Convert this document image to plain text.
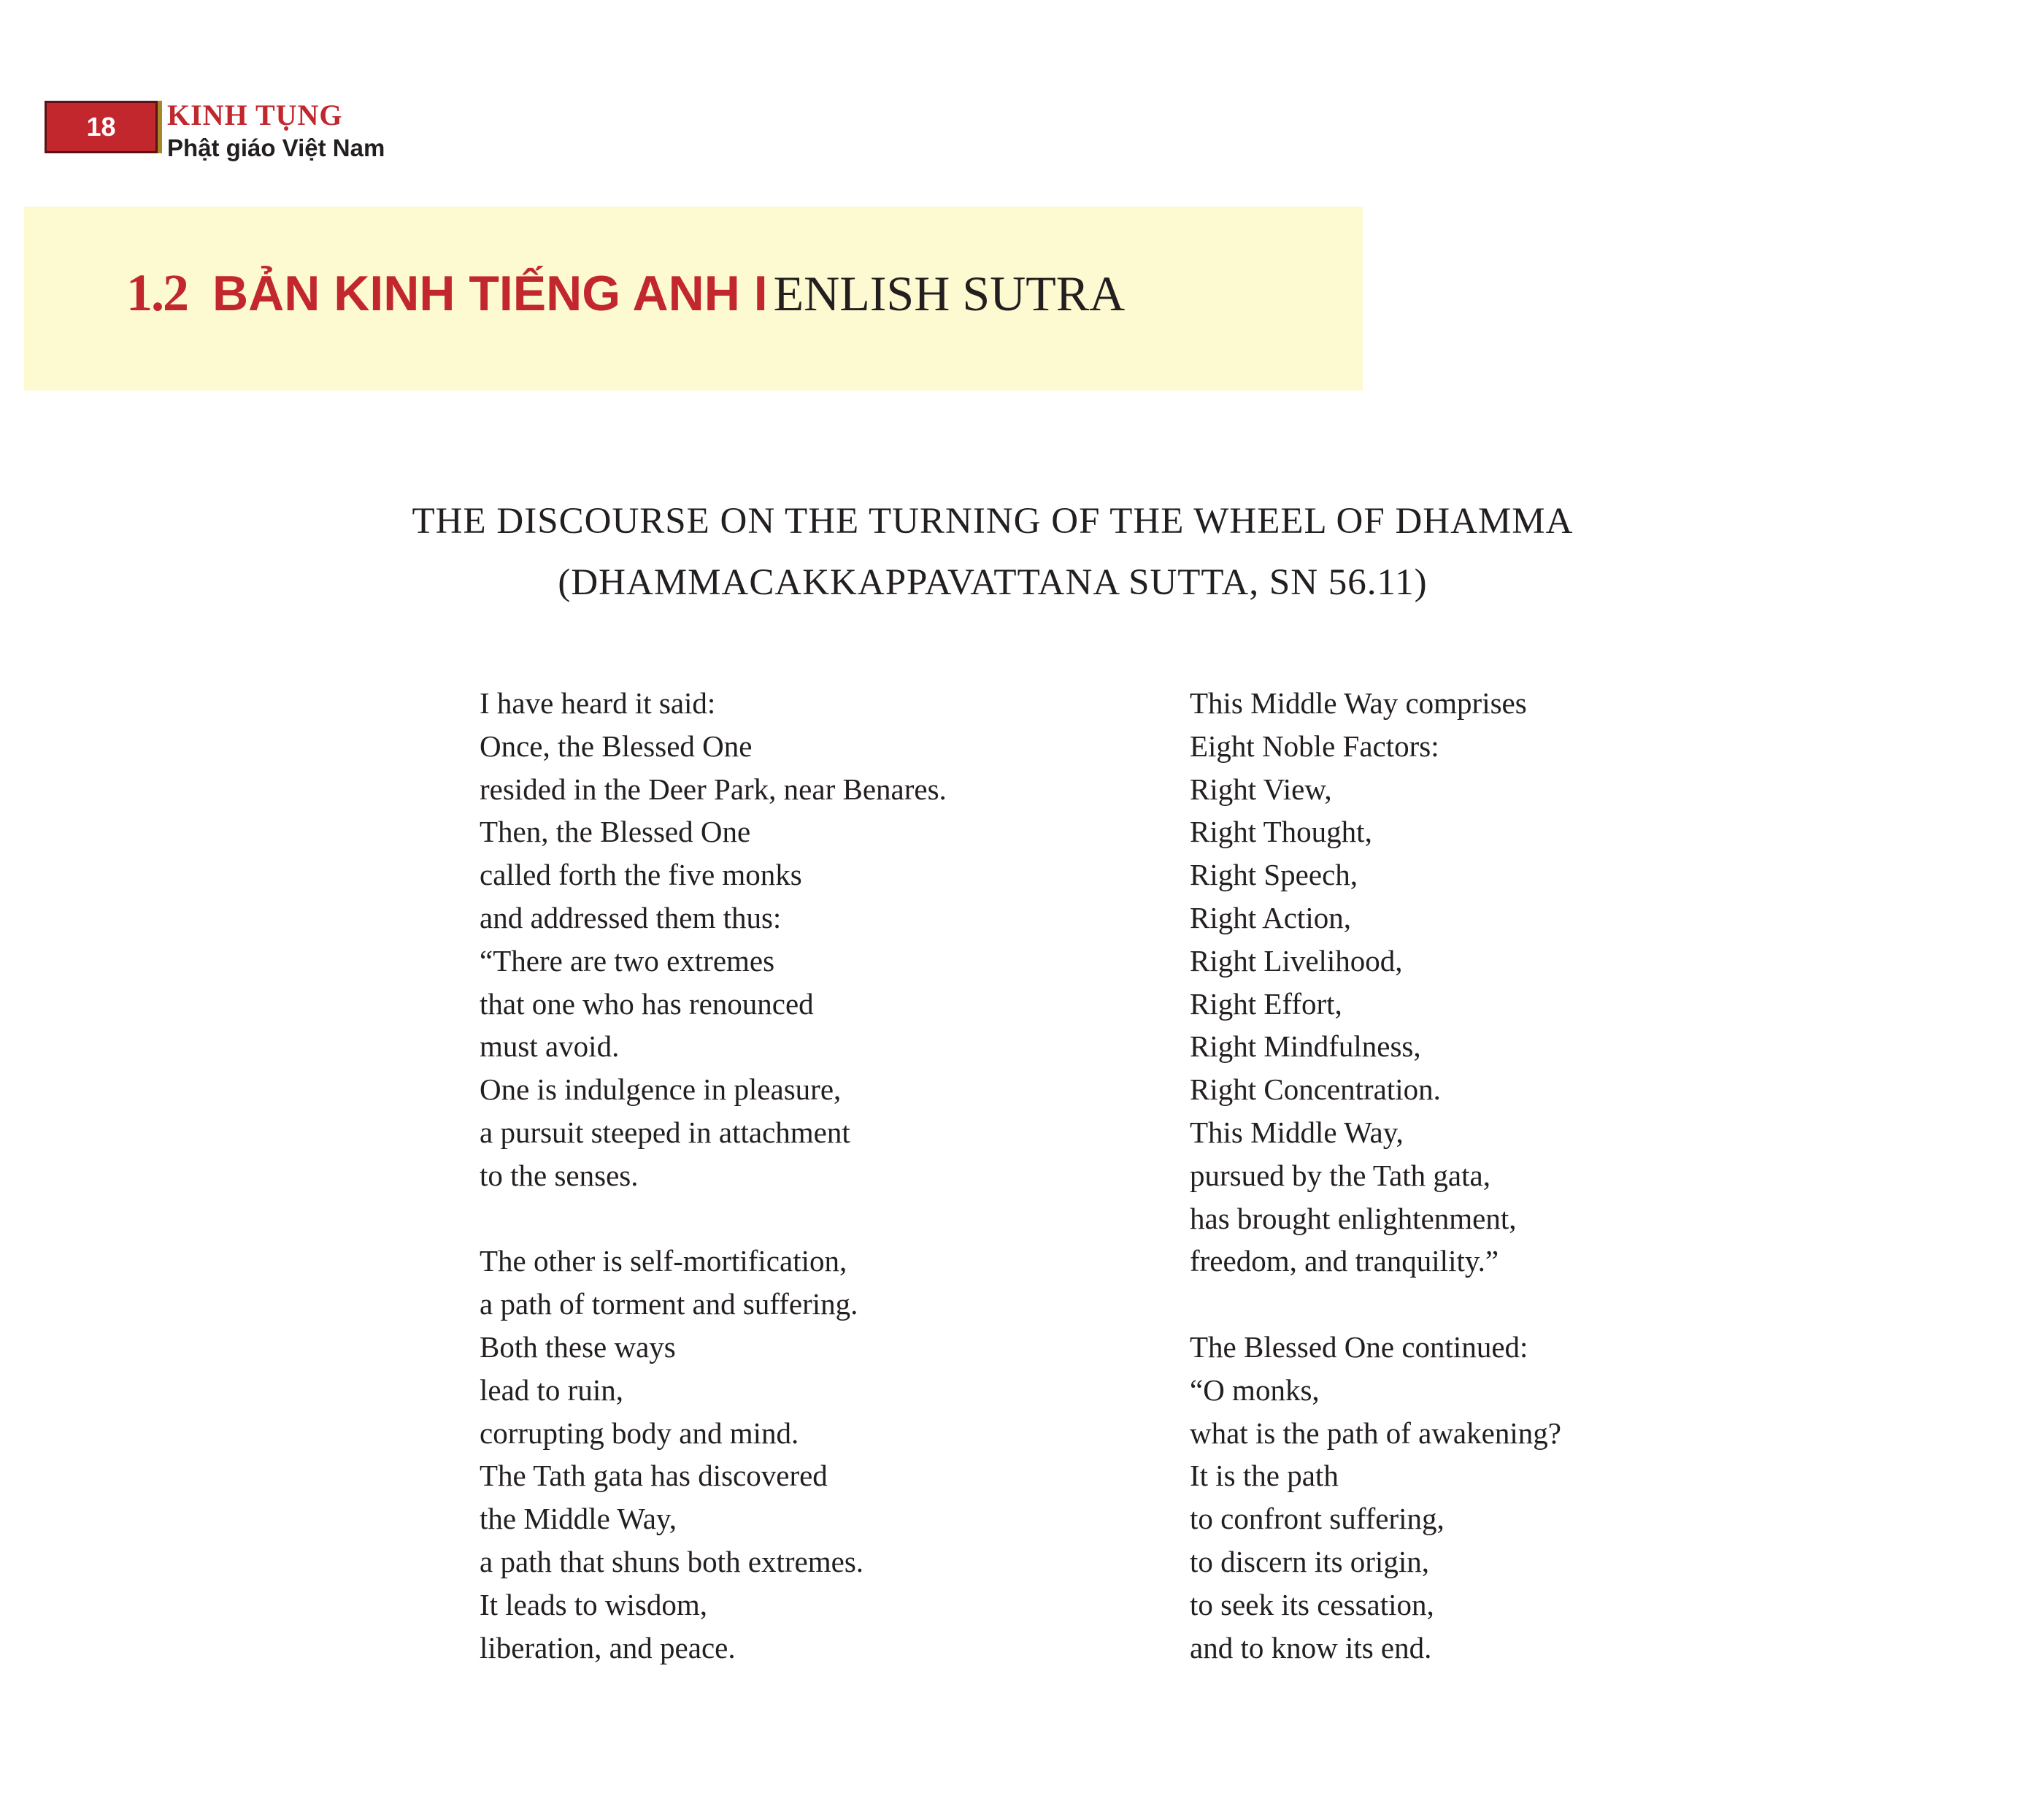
18	KINH TỤNG
Phật giáo Việt Nam
1.2 BẢN KINH TIẾNG ANH I ENLISH SUTRA
THE DISCOURSE ON THE TURNING OF THE WHEEL OF DHAMMA
(DHAMMACAKKAPPAVATTANA SUTTA, SN 56.11)
I have heard it said:
Once, the Blessed One
resided in the Deer Park, near Benares.
Then, the Blessed One
called forth the five monks
and addressed them thus:
“There are two extremes
that one who has renounced
must avoid.
One is indulgence in pleasure,
a pursuit steeped in attachment
to the senses.
The other is self-mortification,
a path of torment and suffering.
Both these ways
lead to ruin,
corrupting body and mind.
The Tath gata has discovered
the Middle Way,
a path that shuns both extremes.
It leads to wisdom,
liberation, and peace.
This Middle Way comprises
Eight Noble Factors:
Right View,
Right Thought,
Right Speech,
Right Action,
Right Livelihood,
Right Effort,
Right Mindfulness,
Right Concentration.
This Middle Way,
pursued by the Tath gata,
has brought enlightenment,
freedom, and tranquility.”
The Blessed One continued:
“O monks,
what is the path of awakening?
It is the path
to confront suffering,
to discern its origin,
to seek its cessation,
and to know its end.
